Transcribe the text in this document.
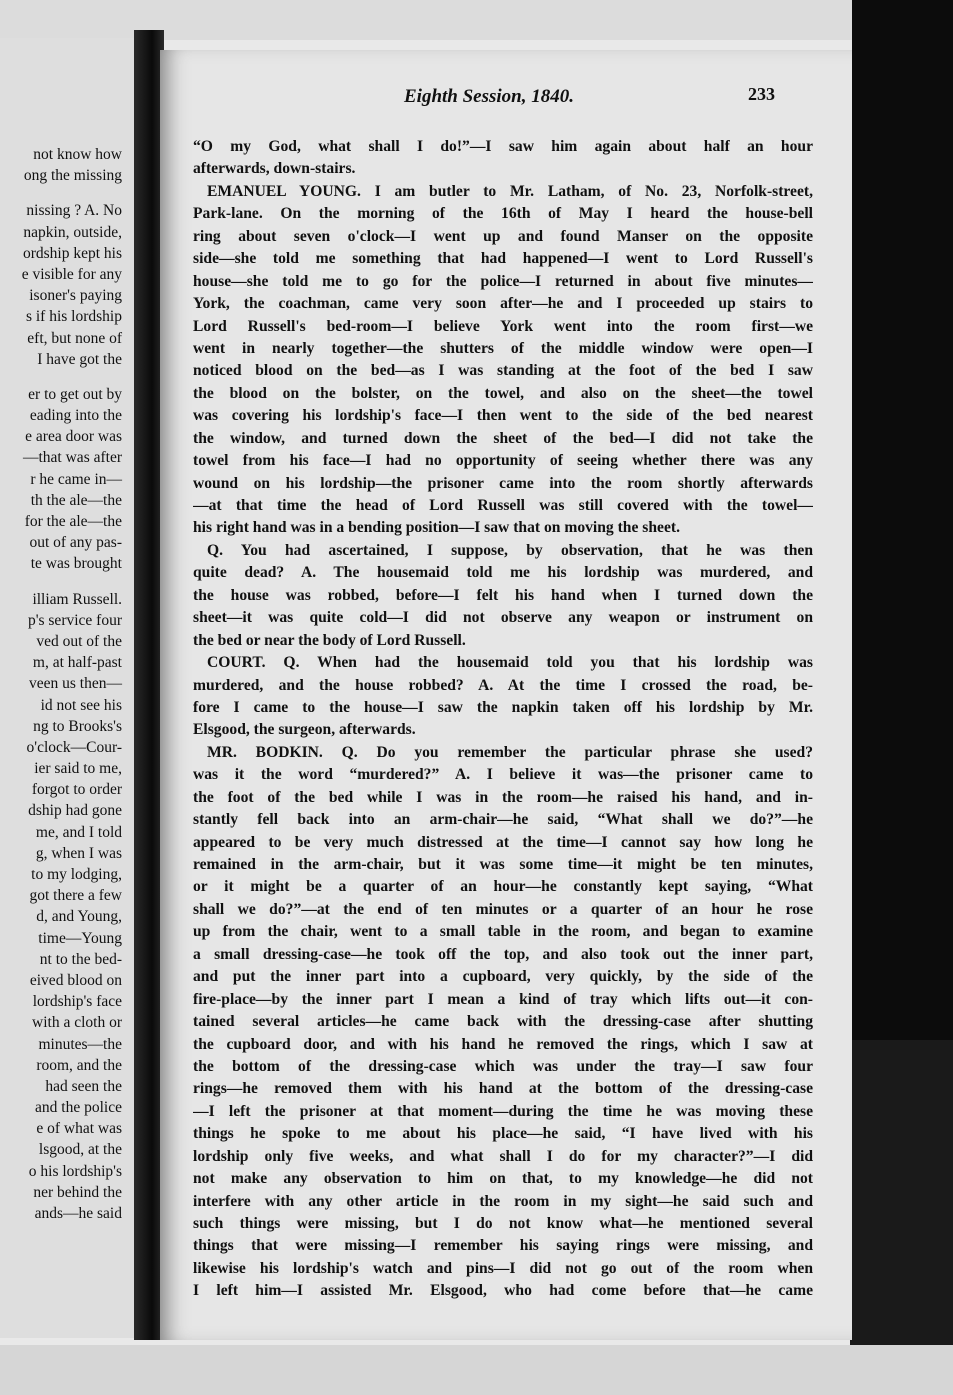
not know how
ong the missing
nissing ? A. No
napkin, outside,
ordship kept his
e visible for any
isoner's paying
s if his lordship
eft, but none of
I have got the
er to get out by
eading into the
e area door was
—that was after
r he came in—
th the ale—the
for the ale—the
out of any pas-
te was brought
illiam Russell.
p's service four
ved out of the
m, at half-past
veen us then—
id not see his
ng to Brooks's
o'clock—Cour-
ier said to me,
forgot to order
dship had gone
me, and I told
g, when I was
to my lodging,
got there a few
d, and Young,
time—Young
nt to the bed-
eived blood on
lordship's face
with a cloth or
minutes—the
room, and the
had seen the
and the police
e of what was
lsgood, at the
o his lordship's
ner behind the
ands—he said
Eighth Session, 1840.	233
“O my God, what shall I do!”—I saw him again about half an hour
afterwards, down-stairs.
EMANUEL YOUNG. I am butler to Mr. Latham, of No. 23, Norfolk-street,
Park-lane. On the morning of the 16th of May I heard the house-bell
ring about seven o'clock—I went up and found Manser on the opposite
side—she told me something that had happened—I went to Lord Russell's
house—she told me to go for the police—I returned in about five minutes—
York, the coachman, came very soon after—he and I proceeded up stairs to
Lord Russell's bed-room—I believe York went into the room first—we
went in nearly together—the shutters of the middle window were open—I
noticed blood on the bed—as I was standing at the foot of the bed I saw
the blood on the bolster, on the towel, and also on the sheet—the towel
was covering his lordship's face—I then went to the side of the bed nearest
the window, and turned down the sheet of the bed—I did not take the
towel from his face—I had no opportunity of seeing whether there was any
wound on his lordship—the prisoner came into the room shortly afterwards
—at that time the head of Lord Russell was still covered with the towel—
his right hand was in a bending position—I saw that on moving the sheet.
Q. You had ascertained, I suppose, by observation, that he was then
quite dead? A. The housemaid told me his lordship was murdered, and
the house was robbed, before—I felt his hand when I turned down the
sheet—it was quite cold—I did not observe any weapon or instrument on
the bed or near the body of Lord Russell.
COURT. Q. When had the housemaid told you that his lordship was
murdered, and the house robbed? A. At the time I crossed the road, be-
fore I came to the house—I saw the napkin taken off his lordship by Mr.
Elsgood, the surgeon, afterwards.
MR. BODKIN. Q. Do you remember the particular phrase she used?
was it the word “murdered?” A. I believe it was—the prisoner came to
the foot of the bed while I was in the room—he raised his hand, and in-
stantly fell back into an arm-chair—he said, “What shall we do?”—he
appeared to be very much distressed at the time—I cannot say how long he
remained in the arm-chair, but it was some time—it might be ten minutes,
or it might be a quarter of an hour—he constantly kept saying, “What
shall we do?”—at the end of ten minutes or a quarter of an hour he rose
up from the chair, went to a small table in the room, and began to examine
a small dressing-case—he took off the top, and also took out the inner part,
and put the inner part into a cupboard, very quickly, by the side of the
fire-place—by the inner part I mean a kind of tray which lifts out—it con-
tained several articles—he came back with the dressing-case after shutting
the cupboard door, and with his hand he removed the rings, which I saw at
the bottom of the dressing-case which was under the tray—I saw four
rings—he removed them with his hand at the bottom of the dressing-case
—I left the prisoner at that moment—during the time he was moving these
things he spoke to me about his place—he said, “I have lived with his
lordship only five weeks, and what shall I do for my character?”—I did
not make any observation to him on that, to my knowledge—he did not
interfere with any other article in the room in my sight—he said such and
such things were missing, but I do not know what—he mentioned several
things that were missing—I remember his saying rings were missing, and
likewise his lordship's watch and pins—I did not go out of the room when
I left him—I assisted Mr. Elsgood, who had come before that—he came
